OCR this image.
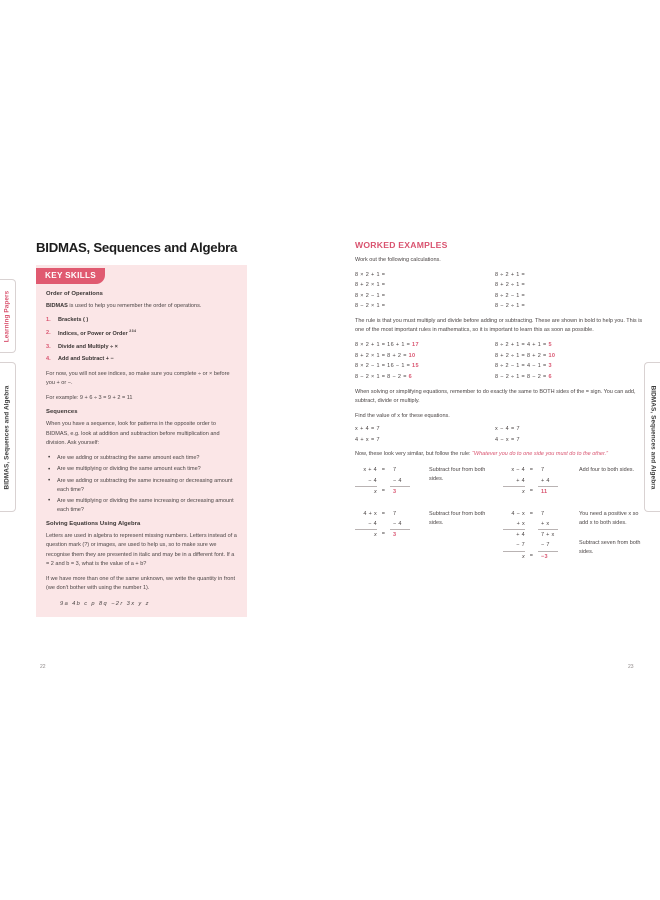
Learning Papers
BIDMAS, Sequences and Algebra	BIDMAS, Sequences and Algebra
BIDMAS, Sequences and Algebra
KEY SKILLS
Order of Operations
BIDMAS is used to help you remember the order of operations.
1.	Brackets ( )
2.	Indices, or Power or Order $^{234}$
3.	Divide and Multiply ÷ ×
4.	Add and Subtract + −
For now, you will not see indices, so make sure you complete ÷ or × before you + or −.
For example: 9 + 6 ÷ 3 = 9 + 2 = 11
Sequences
When you have a sequence, look for patterns in the opposite order to BIDMAS, e.g. look at addition and subtraction before multiplication and division. Ask yourself:
• Are we adding or subtracting the same amount each time?
• Are we multiplying or dividing the same amount each time?
• Are we adding or subtracting the same increasing or decreasing amount each time?
• Are we multiplying or dividing the same increasing or decreasing amount each time?
Solving Equations Using Algebra
Letters are used in algebra to represent missing numbers. Letters instead of a question mark (?) or images, are used to help us, so to make sure we recognise them they are presented in italic and may be in a different font. If a = 2 and b = 3, what is the value of a + b?
If we have more than one of the same unknown, we write the quantity in front (we don't bother with using the number 1).
9a 4b c p 8q −2r 3x y z
WORKED EXAMPLES
Work out the following calculations.
8 × 2 + 1 =	8 ÷ 2 + 1 =
8 + 2 × 1 =	8 + 2 ÷ 1 =
8 × 2 − 1 =	8 ÷ 2 − 1 =
8 − 2 × 1 =	8 − 2 ÷ 1 =
The rule is that you must multiply and divide before adding or subtracting. These are shown in bold to help you. This is one of the most important rules in mathematics, so it is important to learn this as soon as possible.
8 × 2 + 1 = 16 + 1 = 17	8 ÷ 2 + 1 = 4 + 1 = 5
8 + 2 × 1 = 8 + 2 = 10	8 + 2 ÷ 1 = 8 + 2 = 10
8 × 2 − 1 = 16 − 1 = 15	8 ÷ 2 − 1 = 4 − 1 = 3
8 − 2 × 1 = 8 − 2 = 6	8 − 2 ÷ 1 = 8 − 2 = 6
When solving or simplifying equations, remember to do exactly the same to BOTH sides of the = sign. You can add, subtract, divide or multiply.
Find the value of x for these equations.
x + 4 = 7	x − 4 = 7
4 + x = 7	4 − x = 7
Now, these look very similar, but follow the rule: “Whatever you do to one side you must do to the other.”
x + 4 =	7
− 4	− 4
x =	3
Subtract four from both sides.
x − 4 =	7
+ 4	+ 4
x =	11
Add four to both sides.
4 + x =	7
− 4	− 4
x =	3
Subtract four from both sides.
4 − x =	7
+ x	+ x
+ 4	7 + x
− 7	− 7
x =	−3
You need a positive x so add x to both sides.
Subtract seven from both sides.
22	23
